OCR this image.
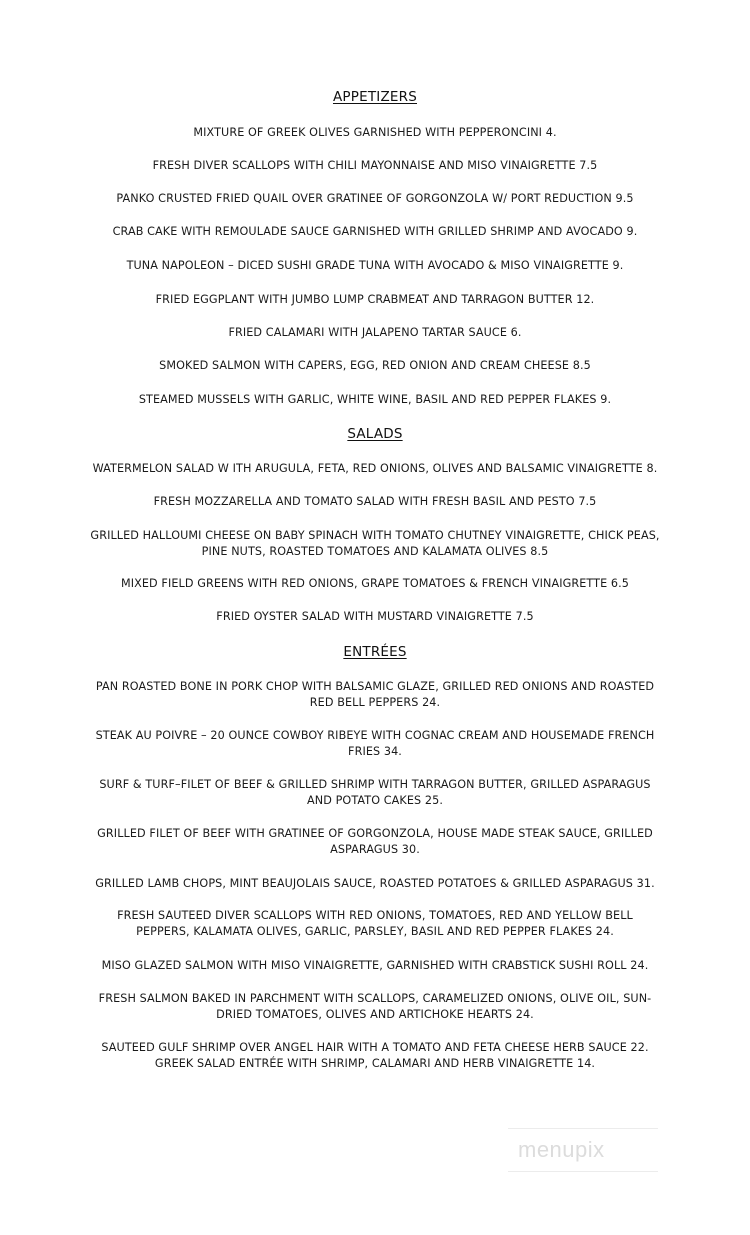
APPETIZERS
MIXTURE OF GREEK OLIVES GARNISHED WITH PEPPERONCINI 4.
FRESH DIVER SCALLOPS WITH CHILI MAYONNAISE AND MISO VINAIGRETTE 7.5
PANKO CRUSTED FRIED QUAIL OVER GRATINEE OF GORGONZOLA W/ PORT REDUCTION 9.5
CRAB CAKE WITH REMOULADE SAUCE GARNISHED WITH GRILLED SHRIMP AND AVOCADO 9.
TUNA NAPOLEON – DICED SUSHI GRADE TUNA WITH AVOCADO & MISO VINAIGRETTE 9.
FRIED EGGPLANT WITH JUMBO LUMP CRABMEAT AND TARRAGON BUTTER 12.
FRIED CALAMARI WITH JALAPENO TARTAR SAUCE 6.
SMOKED SALMON WITH CAPERS, EGG, RED ONION AND CREAM CHEESE 8.5
STEAMED MUSSELS WITH GARLIC, WHITE WINE, BASIL AND RED PEPPER FLAKES 9.
SALADS
WATERMELON SALAD W ITH ARUGULA, FETA, RED ONIONS, OLIVES AND BALSAMIC VINAIGRETTE 8.
FRESH MOZZARELLA AND TOMATO SALAD WITH FRESH BASIL AND PESTO 7.5
GRILLED HALLOUMI CHEESE ON BABY SPINACH WITH TOMATO CHUTNEY VINAIGRETTE, CHICK PEAS, PINE NUTS, ROASTED TOMATOES AND KALAMATA OLIVES 8.5
MIXED FIELD GREENS WITH RED ONIONS, GRAPE TOMATOES & FRENCH VINAIGRETTE 6.5
FRIED OYSTER SALAD WITH MUSTARD VINAIGRETTE 7.5
ENTRÉES
PAN ROASTED BONE IN PORK CHOP WITH BALSAMIC GLAZE, GRILLED RED ONIONS AND ROASTED RED BELL PEPPERS 24.
STEAK AU POIVRE – 20 OUNCE COWBOY RIBEYE WITH COGNAC CREAM AND HOUSEMADE FRENCH FRIES 34.
SURF & TURF–FILET OF BEEF & GRILLED SHRIMP WITH TARRAGON BUTTER, GRILLED ASPARAGUS AND POTATO CAKES 25.
GRILLED FILET OF BEEF WITH GRATINEE OF GORGONZOLA, HOUSE MADE STEAK SAUCE, GRILLED ASPARAGUS 30.
GRILLED LAMB CHOPS, MINT BEAUJOLAIS SAUCE, ROASTED POTATOES & GRILLED ASPARAGUS 31.
FRESH SAUTEED DIVER SCALLOPS WITH RED ONIONS, TOMATOES, RED AND YELLOW BELL PEPPERS, KALAMATA OLIVES, GARLIC, PARSLEY, BASIL AND RED PEPPER FLAKES 24.
MISO GLAZED SALMON WITH MISO VINAIGRETTE, GARNISHED WITH CRABSTICK SUSHI ROLL 24.
FRESH SALMON BAKED IN PARCHMENT WITH SCALLOPS, CARAMELIZED ONIONS, OLIVE OIL, SUN-DRIED TOMATOES, OLIVES AND ARTICHOKE HEARTS 24.
SAUTEED GULF SHRIMP OVER ANGEL HAIR WITH A TOMATO AND FETA CHEESE HERB SAUCE 22.
GREEK SALAD ENTRÉE WITH SHRIMP, CALAMARI AND HERB VINAIGRETTE 14.
menupix
